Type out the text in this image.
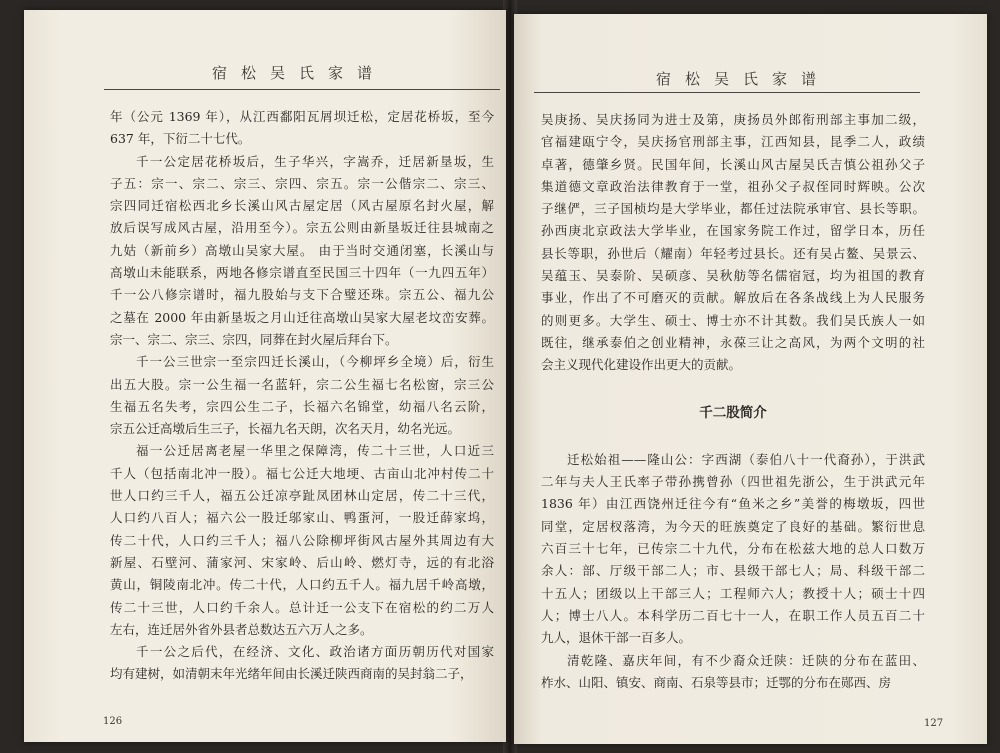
宿松吴氏家谱
年（公元 1369 年），从江西鄱阳瓦屑坝迁松，定居花桥坂，至今
637 年，下衍二十七代。
千一公定居花桥坂后，生子华兴，字嵩乔，迁居新垦坂，生
子五：宗一、宗二、宗三、宗四、宗五。宗一公偕宗二、宗三、
宗四同迁宿松西北乡长溪山风古屋定居（风古屋原名封火屋，解
放后误写成风古屋，沿用至今）。宗五公则由新垦坂迁往县城南之
九姑（新前乡）高墩山吴家大屋。 由于当时交通闭塞，长溪山与
高墩山未能联系，两地各修宗谱直至民国三十四年（一九四五年）
千一公八修宗谱时，福九股始与支下合璧还珠。宗五公、福九公
之墓在 2000 年由新垦坂之月山迁往高墩山吴家大屋老坟峦安葬。
宗一、宗二、宗三、宗四，同葬在封火屋后拜台下。
千一公三世宗一至宗四迁长溪山，（今柳坪乡全境）后，衍生
出五大股。宗一公生福一名蓝轩，宗二公生福七名松窗，宗三公
生福五名失考，宗四公生二子，长福六名锦堂，幼福八名云阶，
宗五公迁高墩后生三子，长福九名天朗，次名天月，幼名光远。
福一公迁居离老屋一华里之保障湾，传二十三世，人口近三
千人（包括南北冲一股）。福七公迁大地埂、古亩山北冲村传二十
世人口约三千人，福五公迁凉亭趾凤团林山定居，传二十三代，
人口约八百人；福六公一股迁邬家山、鸭蛋河，一股迁薛家坞，
传二十代，人口约三千人；福八公除柳坪街风古屋外其周边有大
新屋、石壁河、蒲家河、宋家岭、后山岭、燃灯寺，远的有北浴
黄山，铜陵南北冲。传二十代，人口约五千人。福九居千岭高墩，
传二十三世，人口约千余人。总计迁一公支下在宿松的约二万人
左右，连迁居外省外县者总数达五六万人之多。
千一公之后代，在经济、文化、政治诸方面历朝历代对国家
均有建树，如清朝末年光绪年间由长溪迁陕西商南的吴封翁二子，
126
宿松吴氏家谱
吴庚扬、吴庆扬同为进士及第，庚扬员外郎衔刑部主事加二级，
官福建瓯宁令，吴庆扬官刑部主事，江西知县，昆季二人，政绩
卓著，德肇乡贤。民国年间，长溪山风古屋吴氏吉慎公祖孙父子
集道德文章政治法律教育于一堂，祖孙父子叔侄同时辉映。公次
子继俨，三子国桢均是大学毕业，都任过法院承审官、县长等职。
孙西庚北京政法大学毕业，在国家务院工作过，留学日本，历任
县长等职，孙世后（耀南）年轻考过县长。还有吴占鳌、吴景云、
吴蕴玉、吴泰阶、吴硕彦、吴秋舫等名儒宿冠，均为祖国的教育
事业，作出了不可磨灭的贡献。解放后在各条战线上为人民服务
的则更多。大学生、硕士、博士亦不计其数。我们吴氏族人一如
既往，继承泰伯之创业精神，永葆三让之高风，为两个文明的社
会主义现代化建设作出更大的贡献。
千二股简介
迁松始祖——隆山公：字西湖（泰伯八十一代裔孙），于洪武
二年与夫人王氏率子带孙携曾孙（四世祖先浙公，生于洪武元年
1836 年）由江西饶州迁往今有“鱼米之乡”美誉的梅墩坂，四世
同堂，定居杈落湾，为今天的旺族奠定了良好的基础。繁衍世息
六百三十七年，已传宗二十九代，分布在松兹大地的总人口数万
余人：部、厅级干部二人；市、县级干部七人；局、科级干部二
十五人；团级以上干部三人；工程师六人；教授十人；硕士十四
人；博士八人。本科学历二百七十一人，在职工作人员五百二十
九人，退休干部一百多人。
清乾隆、嘉庆年间，有不少裔众迁陕：迁陕的分布在蓝田、
柞水、山阳、镇安、商南、石泉等县市；迁鄂的分布在郧西、房
127
